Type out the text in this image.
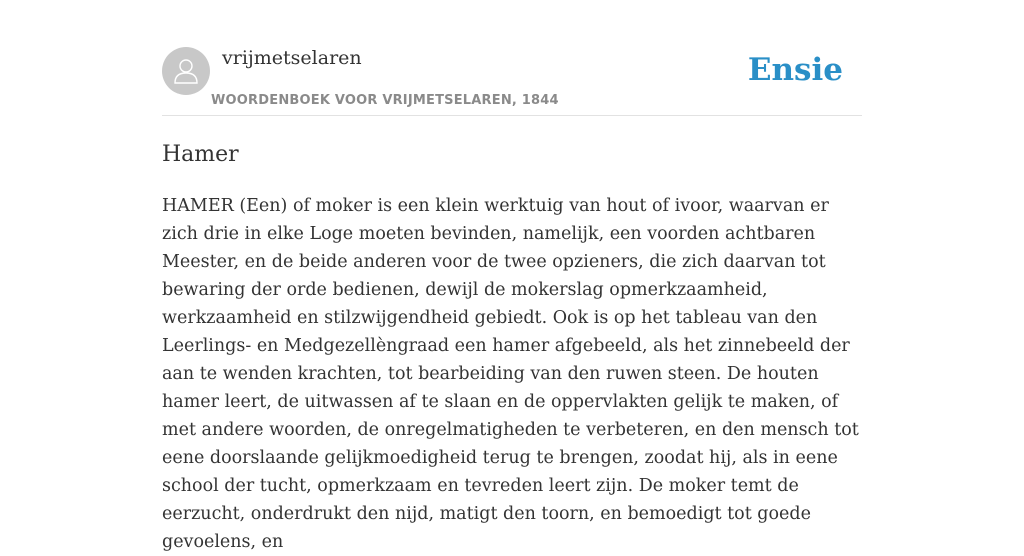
vrijmetselaren
WOORDENBOEK VOOR VRIJMETSELAREN, 1844
Ensie
Hamer

HAMER (Een) of moker is een klein werktuig van hout of ivoor, waarvan er zich drie in elke Loge moeten bevinden, namelijk, een voorden achtbaren Meester, en de beide anderen voor de twee opzieners, die zich daarvan tot bewaring der orde bedienen, dewijl de mokerslag opmerkzaamheid, werkzaamheid en stilzwijgendheid gebiedt. Ook is op het tableau van den Leerlings- en Medgezellèngraad een hamer afgebeeld, als het zinnebeeld der aan te wenden krachten, tot bearbeiding van den ruwen steen. De houten hamer leert, de uitwassen af te slaan en de oppervlakten gelijk te maken, of met andere woorden, de onregelmatigheden te verbeteren, en den mensch tot eene doorslaande gelijkmoedigheid terug te brengen, zoodat hij, als in eene school der tucht, opmerkzaam en tevreden leert zijn. De moker temt de eerzucht, onderdrukt den nijd, matigt den toorn, en bemoedigt tot goede gevoelens, en
